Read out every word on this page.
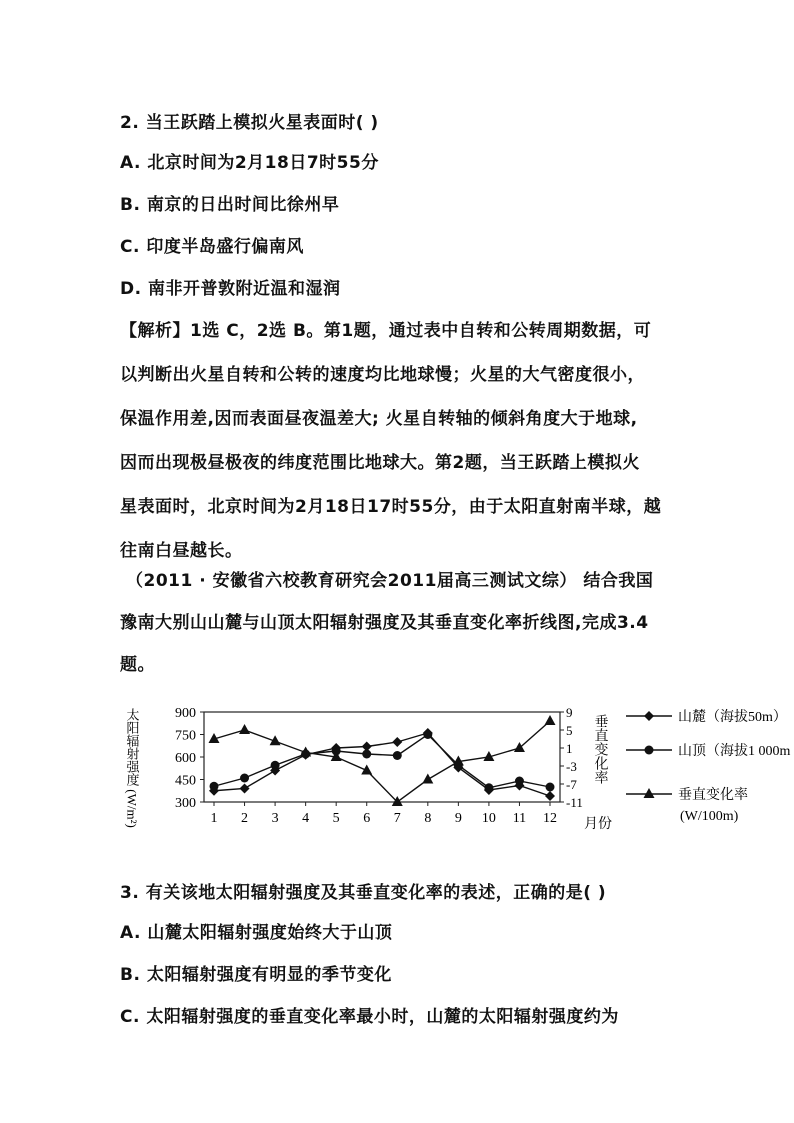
2. 当王跃踏上模拟火星表面时( )
A. 北京时间为2月18日7时55分
B. 南京的日出时间比徐州早
C. 印度半岛盛行偏南风
D. 南非开普敦附近温和湿润
【解析】1选 C，2选 B。第1题，通过表中自转和公转周期数据，可
以判断出火星自转和公转的速度均比地球慢；火星的大气密度很小，
保温作用差,因而表面昼夜温差大; 火星自转轴的倾斜角度大于地球,
因而出现极昼极夜的纬度范围比地球大。第2题，当王跃踏上模拟火
星表面时，北京时间为2月18日17时55分，由于太阳直射南半球，越
往南白昼越长。
（2011 · 安徽省六校教育研究会2011届高三测试文综） 结合我国
豫南大别山山麓与山顶太阳辐射强度及其垂直变化率折线图,完成3.4
题。
900
750
600
450
300
9
5
1
-3
-7
-11
1 2 3 4 5 6 7 8 9 10 11 12 月份
太阳辐射强度 (W/m²)	垂直变化率	山麓（海拔50m）
山顶（海拔1 000m
垂直变化率
(W/100m)
3. 有关该地太阳辐射强度及其垂直变化率的表述，正确的是( )
A. 山麓太阳辐射强度始终大于山顶
B. 太阳辐射强度有明显的季节变化
C. 太阳辐射强度的垂直变化率最小时，山麓的太阳辐射强度约为
